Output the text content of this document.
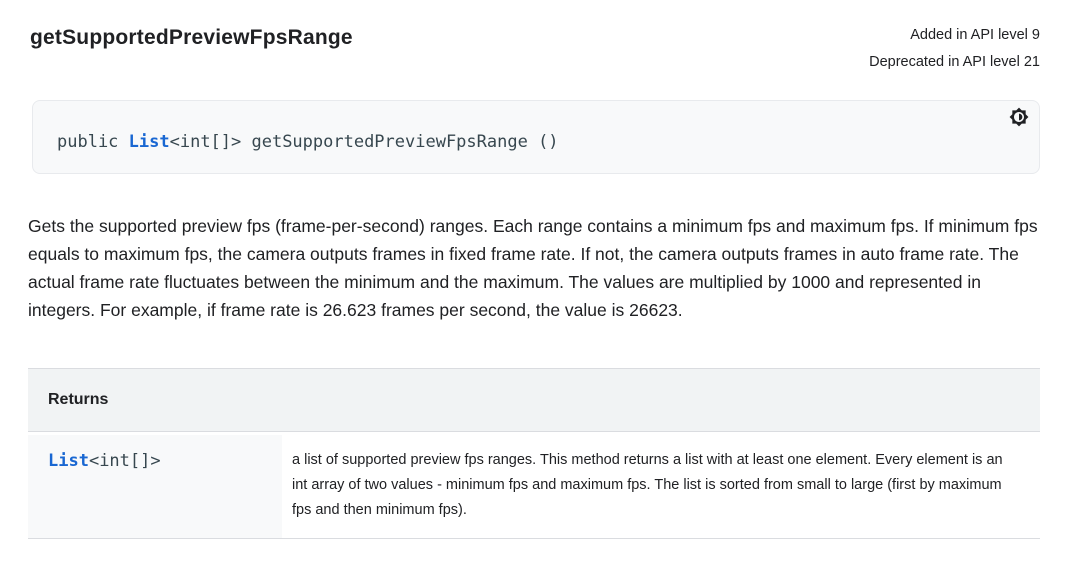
getSupportedPreviewFpsRange	Added in API level 9
Deprecated in API level 21
public List<int[]> getSupportedPreviewFpsRange ()

Gets the supported preview fps (frame-per-second) ranges. Each range contains a minimum fps and maximum fps. If minimum fps equals to maximum fps, the camera outputs frames in fixed frame rate. If not, the camera outputs frames in auto frame rate. The actual frame rate fluctuates between the minimum and the maximum. The values are multiplied by 1000 and represented in integers. For example, if frame rate is 26.623 frames per second, the value is 26623.

Returns
List<int[]>	a list of supported preview fps ranges. This method returns a list with at least one element. Every element is an int array of two values - minimum fps and maximum fps. The list is sorted from small to large (first by maximum fps and then minimum fps).
